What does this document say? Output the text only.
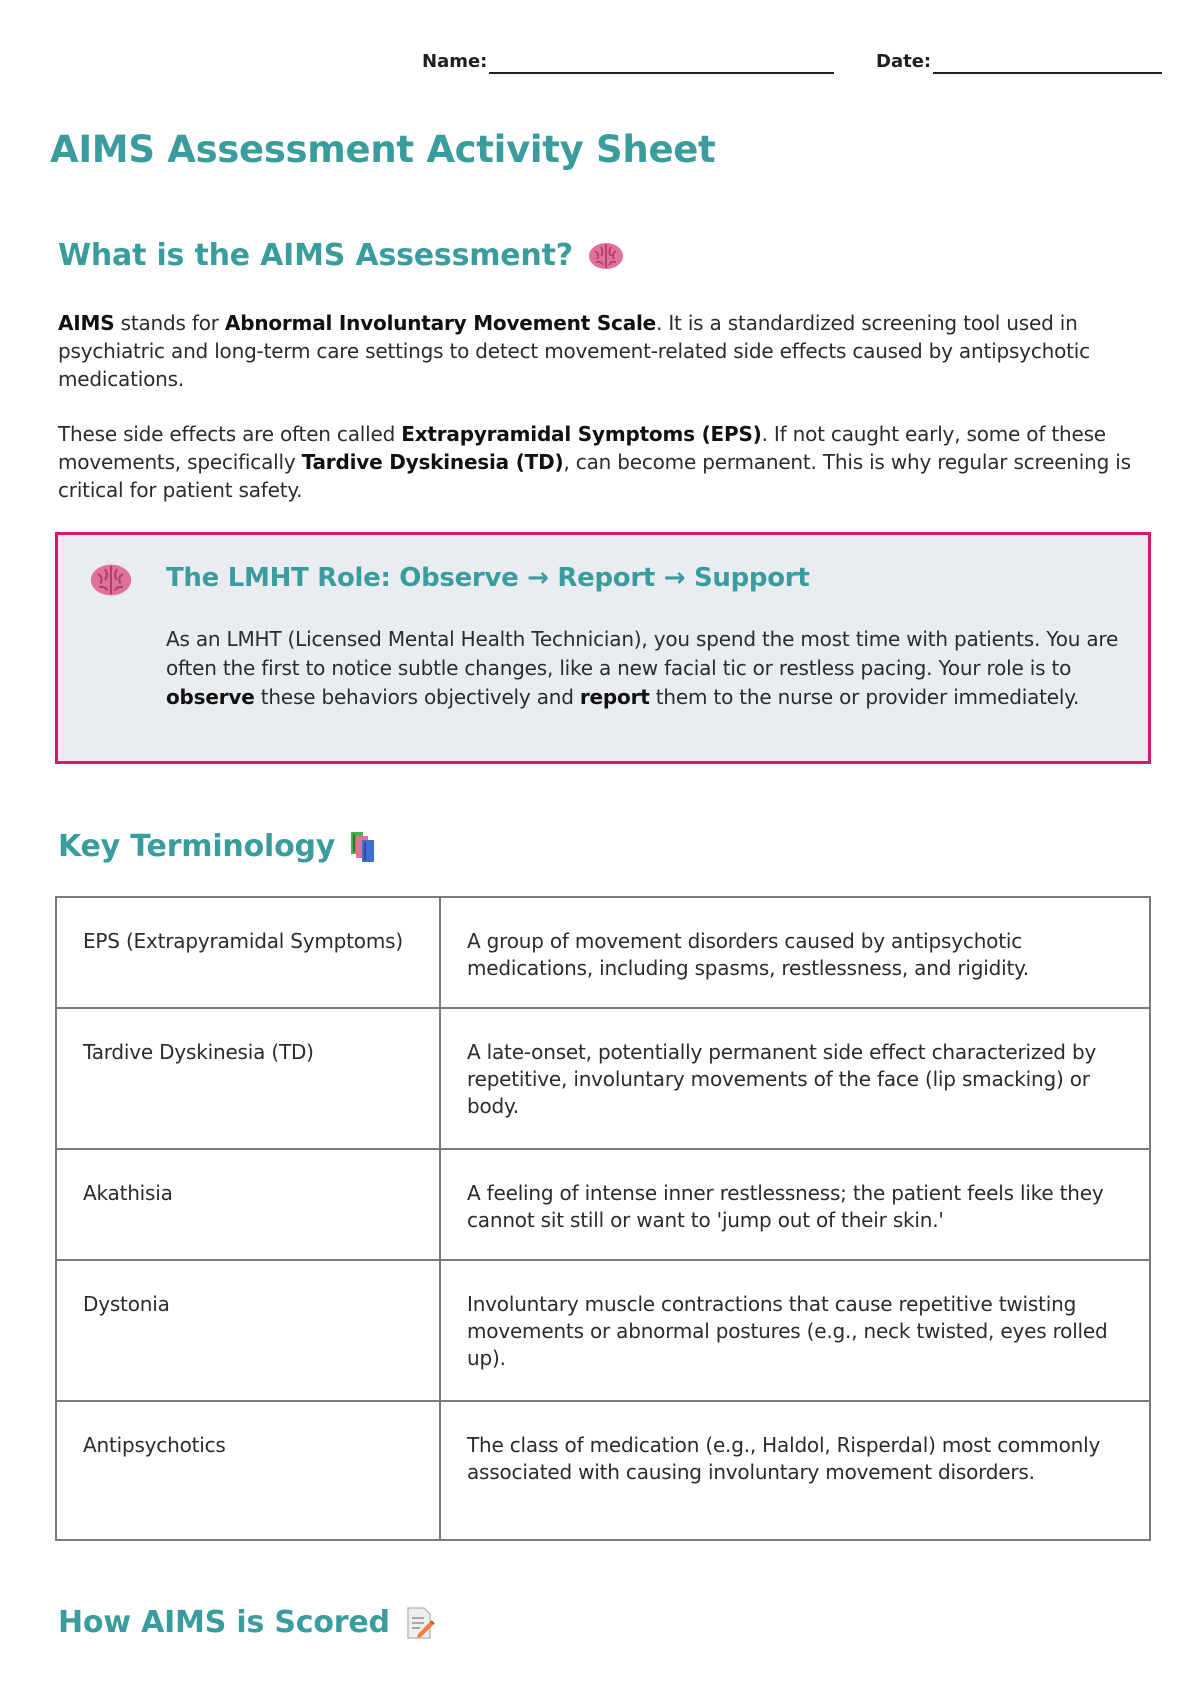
Name:	Date:
AIMS Assessment Activity Sheet
What is the AIMS Assessment?

AIMS stands for Abnormal Involuntary Movement Scale. It is a standardized screening tool used in psychiatric and long-term care settings to detect movement-related side effects caused by antipsychotic medications.

These side effects are often called Extrapyramidal Symptoms (EPS). If not caught early, some of these movements, specifically Tardive Dyskinesia (TD), can become permanent. This is why regular screening is critical for patient safety.

The LMHT Role: Observe → Report → Support

As an LMHT (Licensed Mental Health Technician), you spend the most time with patients. You are often the first to notice subtle changes, like a new facial tic or restless pacing. Your role is to observe these behaviors objectively and report them to the nurse or provider immediately.

Key Terminology
EPS (Extrapyramidal Symptoms)	A group of movement disorders caused by antipsychotic medications, including spasms, restlessness, and rigidity.
Tardive Dyskinesia (TD)	A late-onset, potentially permanent side effect characterized by repetitive, involuntary movements of the face (lip smacking) or body.
Akathisia	A feeling of intense inner restlessness; the patient feels like they cannot sit still or want to 'jump out of their skin.'
Dystonia	Involuntary muscle contractions that cause repetitive twisting movements or abnormal postures (e.g., neck twisted, eyes rolled up).
Antipsychotics	The class of medication (e.g., Haldol, Risperdal) most commonly associated with causing involuntary movement disorders.
How AIMS is Scored
